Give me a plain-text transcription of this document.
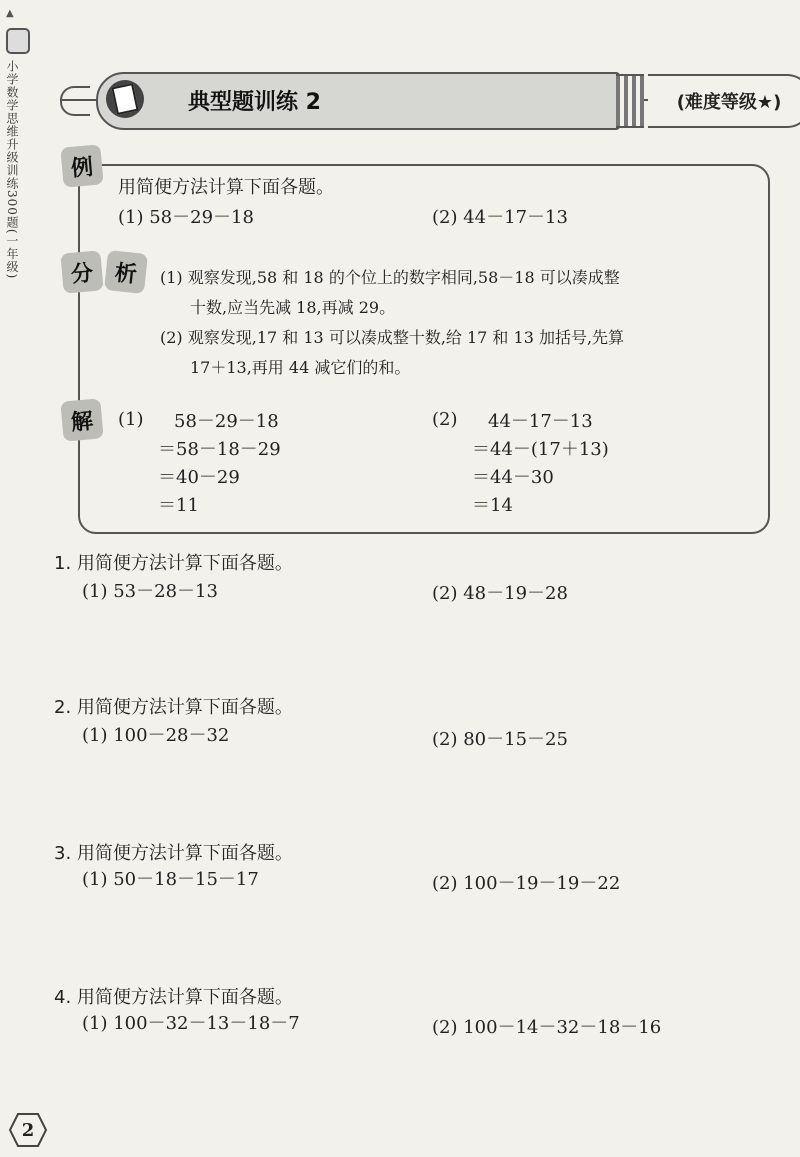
▲
小学数学思维升级训练300题(一年级)	典型题训练 2	(难度等级★)
例
用简便方法计算下面各题。
(1) 58－29－18	(2) 44－17－13
分 析	(1) 观察发现,58 和 18 的个位上的数字相同,58－18 可以凑成整
十数,应当先减 18,再减 29。
(2) 观察发现,17 和 13 可以凑成整十数,给 17 和 13 加括号,先算
17＋13,再用 44 减它们的和。
解	(1) 58－29－18
＝58－18－29
＝40－29
＝11
(2) 44－17－13
＝44－(17＋13)
＝44－30
＝14
1. 用简便方法计算下面各题。
(1) 53－28－13	(2) 48－19－28
2. 用简便方法计算下面各题。
(1) 100－28－32	(2) 80－15－25
3. 用简便方法计算下面各题。
(1) 50－18－15－17	(2) 100－19－19－22
4. 用简便方法计算下面各题。
(1) 100－32－13－18－7	(2) 100－14－32－18－16
2
